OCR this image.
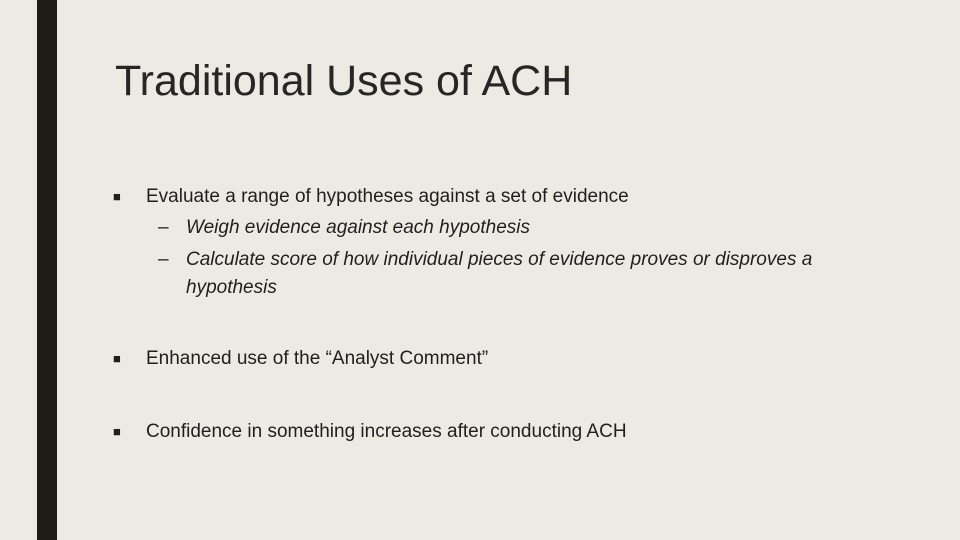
Traditional Uses of ACH
■ Evaluate a range of hypotheses against a set of evidence
– Weigh evidence against each hypothesis
– Calculate score of how individual pieces of evidence proves or disproves a hypothesis
■ Enhanced use of the “Analyst Comment”
■ Confidence in something increases after conducting ACH
